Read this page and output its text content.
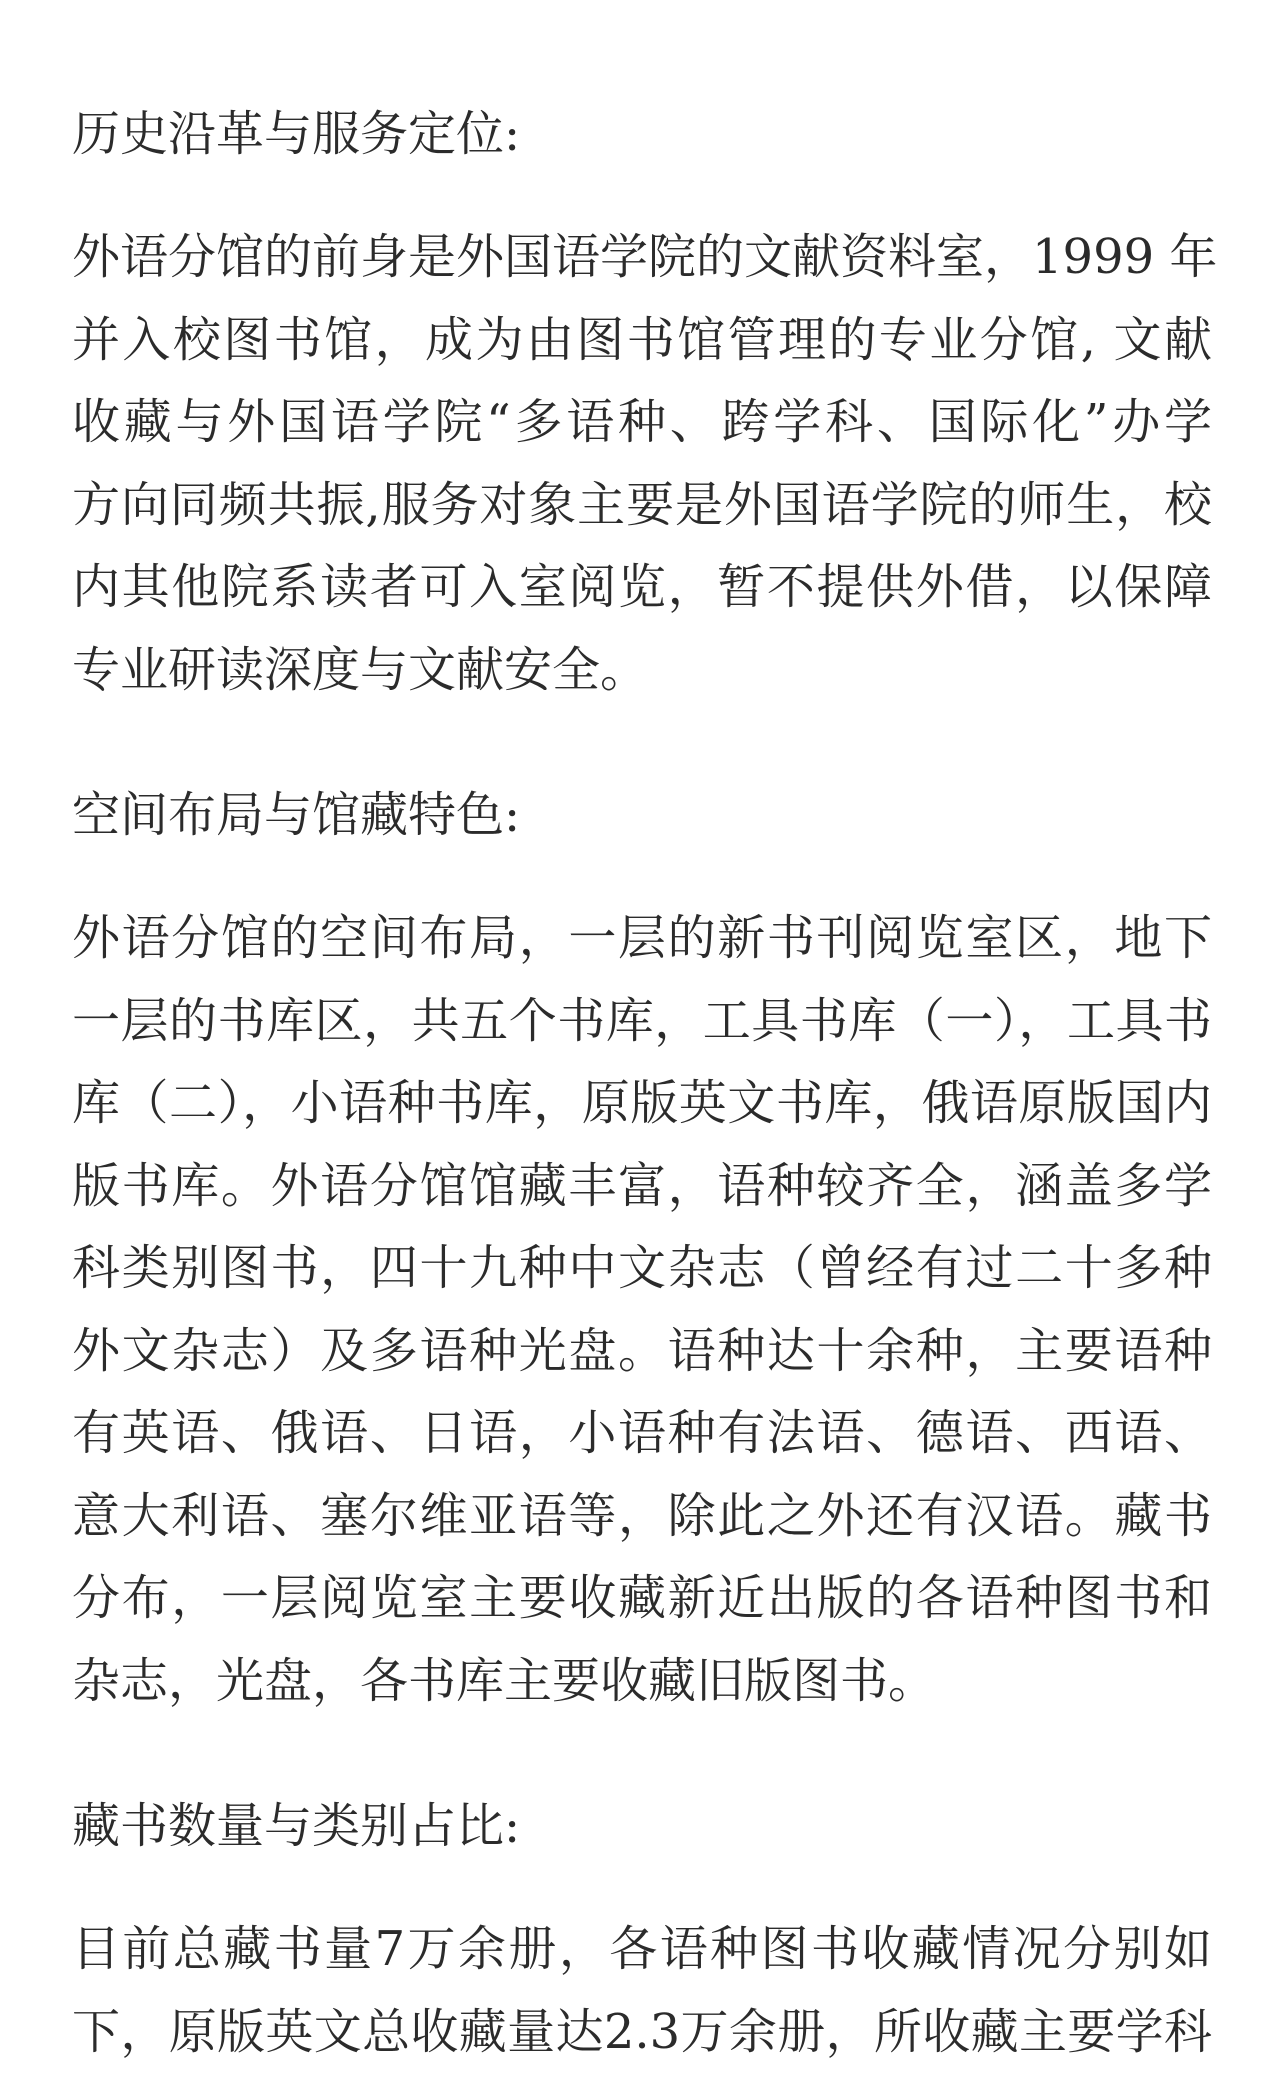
历史沿革与服务定位:

外语分馆的前身是外国语学院的文献资料室，1999 年
并入校图书馆，成为由图书馆管理的专业分馆, 文献
收藏与外国语学院“多语种、跨学科、国际化”办学
方向同频共振,服务对象主要是外国语学院的师生，校
内其他院系读者可入室阅览，暂不提供外借，以保障
专业研读深度与文献安全。

空间布局与馆藏特色:

外语分馆的空间布局，一层的新书刊阅览室区，地下
一层的书库区，共五个书库，工具书库（一），工具书
库（二），小语种书库，原版英文书库，俄语原版国内
版书库。外语分馆馆藏丰富，语种较齐全，涵盖多学
科类别图书，四十九种中文杂志（曾经有过二十多种
外文杂志）及多语种光盘。语种达十余种，主要语种
有英语、俄语、日语，小语种有法语、德语、西语、
意大利语、塞尔维亚语等，除此之外还有汉语。藏书
分布，一层阅览室主要收藏新近出版的各语种图书和
杂志，光盘，各书库主要收藏旧版图书。

藏书数量与类别占比:

目前总藏书量7万余册，各语种图书收藏情况分别如
下，原版英文总收藏量达2.3万余册，所收藏主要学科
